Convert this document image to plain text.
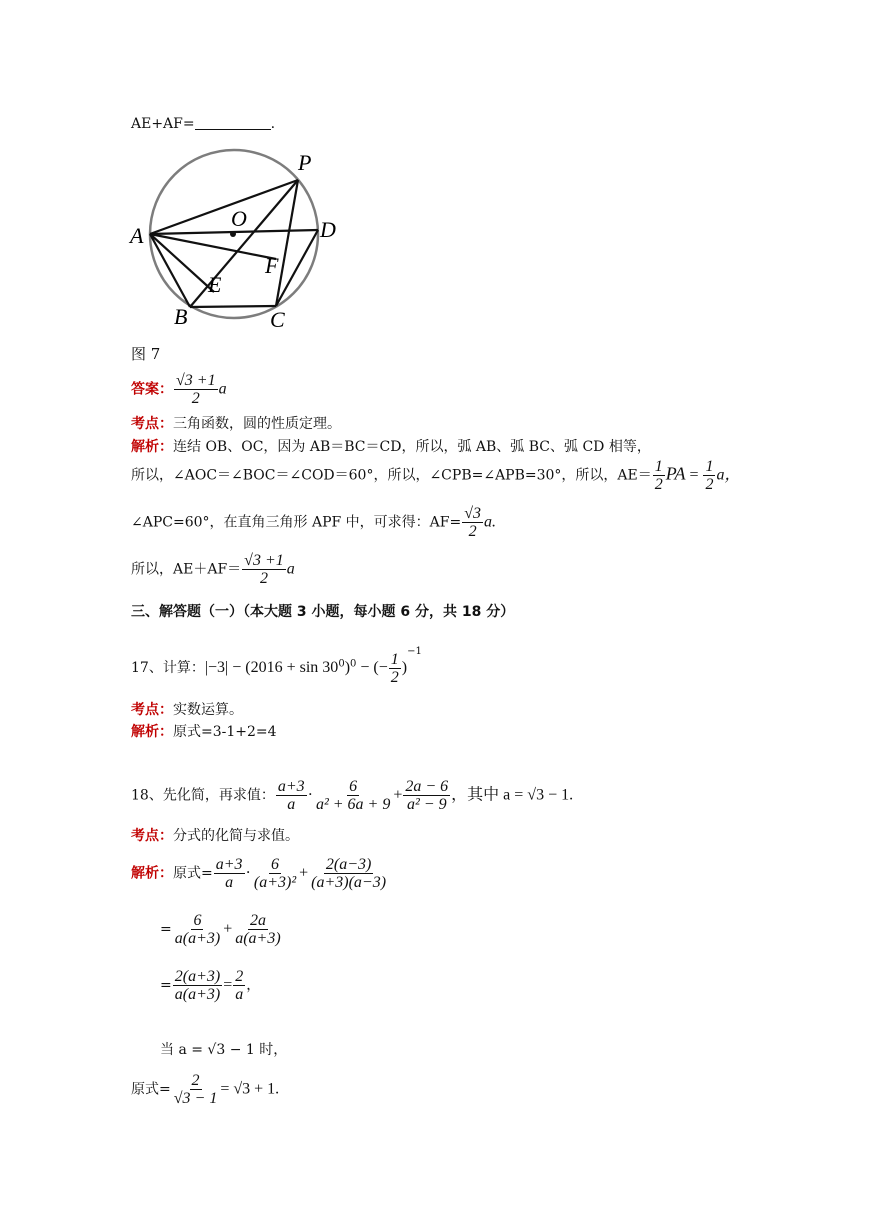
AE+AF=	.
P
O
A	D
F
E
B	C
图 7
答案： $\frac{√3 +1}{2}$ a
考点：三角函数，圆的性质定理。
解析：连结 OB、OC，因为 AB＝BC＝CD，所以，弧 AB、弧 BC、弧 CD 相等，
所以，∠AOC＝∠BOC＝∠COD＝60°，所以，∠CPB=∠APB=30°，所以，$AE= \frac{1}{2}$ PA = $\frac{1}{2}$ a，
∠APC=60°，在直角三角形 APF 中，可求得：$AF= \frac{√3}{2} a$.
所以，$AE+AF= \frac{√3 +1}{2}$ a
三、解答题（一）（本大题 3 小题，每小题 6 分，共 18 分）
17、计算：$|-3| - (2016 + \sin 30^0)^0$ − (− $\frac{1}{2} )^{-1}$
考点：实数运算。
解析：原式=3-1+2=4
18、先化简，再求值： $\frac{a+3}{a} \cdot \frac{6}{\text{a² + 6a + 9}} + \frac{2a - 6}{\text{a² − 9}}$ ，其中 a = √3 − 1.
考点：分式的化简与求值。
解析：原式= $\frac{a+3}{a} \cdot \frac{6}{\text{(a+3)²}} + \frac{2(a-3)}{(a+3)(a-3)}$
= $\frac{6}{a(a+3)} + \frac{2a}{a(a+3)}$
= $\frac{2(a+3)}{a(a+3)} = \frac{2}{a}$ ，
当 a = √3 − 1 时，
原式= $\frac{2}{√3 - 1} = √3 + 1$.
